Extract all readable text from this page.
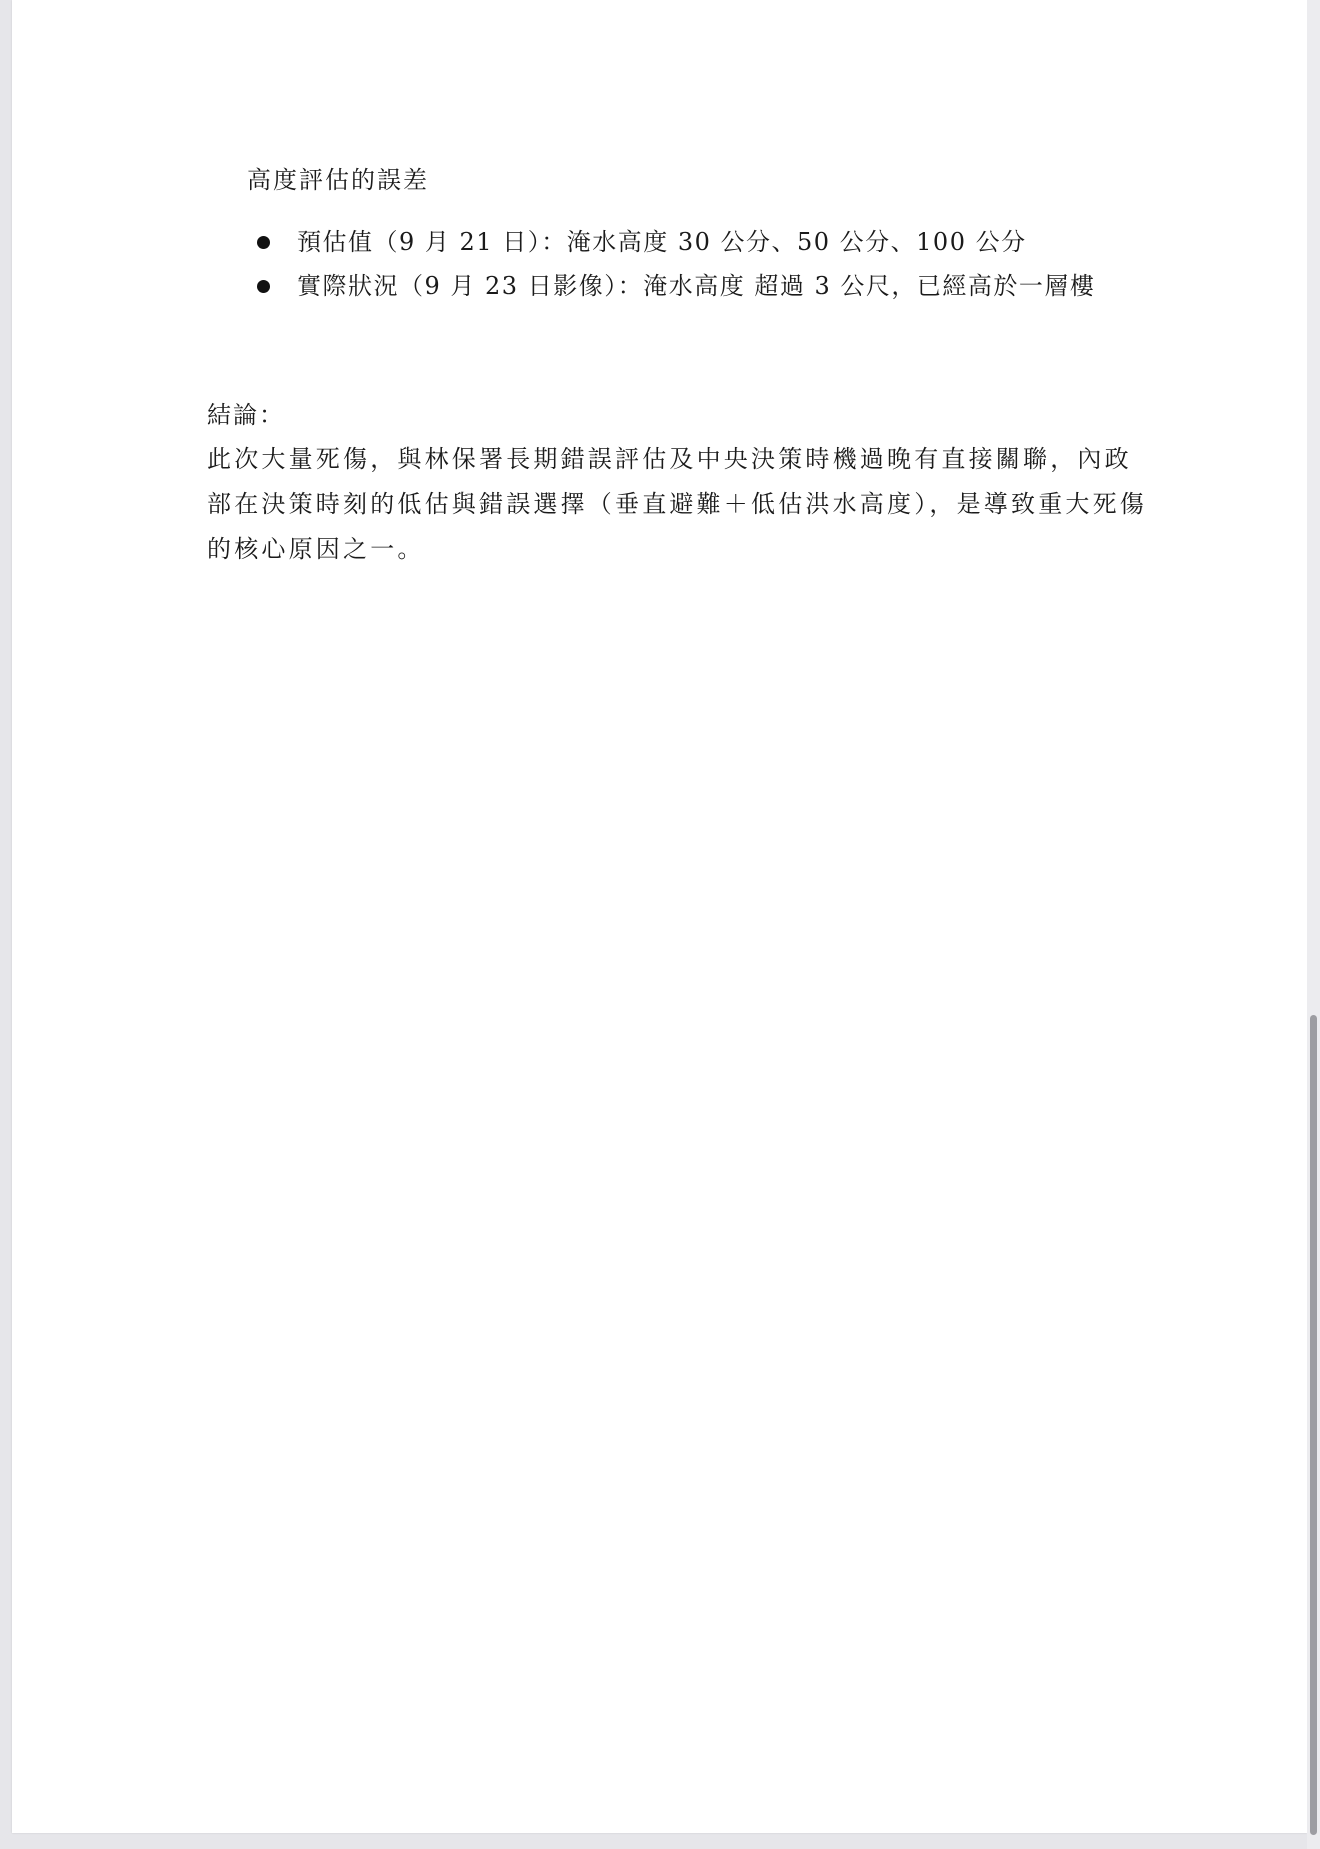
高度評估的誤差
預估值（9 月 21 日）：淹水高度 30 公分、50 公分、100 公分
實際狀況（9 月 23 日影像）：淹水高度 超過 3 公尺，已經高於一層樓
結論：
此次大量死傷，與林保署長期錯誤評估及中央決策時機過晚有直接關聯，內政
部在決策時刻的低估與錯誤選擇（垂直避難＋低估洪水高度），是導致重大死傷
的核心原因之一。
